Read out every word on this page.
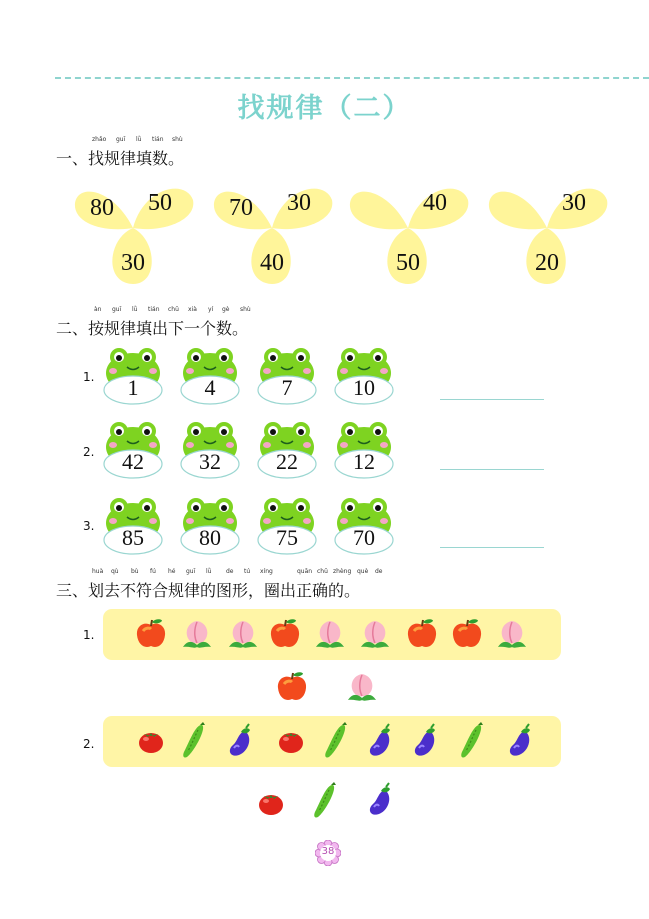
找规律（二）
zhǎo guī lǜ tián shù
一、找规律填数。
80	50
30
70	30
40
40
50
30
20
àn guī lǜ tián chū xià yí gè shù
二、按规律填出下一个数。
1.
2.
3.
1	4	7	10
42	32	22	12
85	80	75	70
huà qù bù fú hé guī lǜ de tú xíng	quān chū zhèng què de
三、划去不符合规律的图形，圈出正确的。
1.
2.
38
